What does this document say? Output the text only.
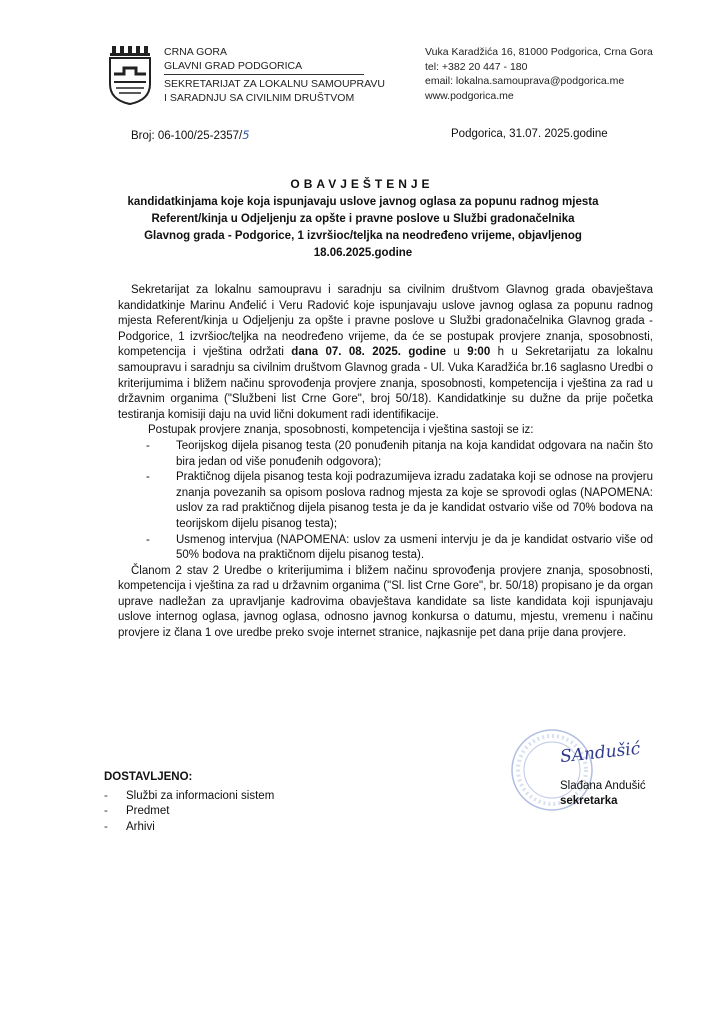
CRNA GORA
GLAVNI GRAD PODGORICA
SEKRETARIJAT ZA LOKALNU SAMOUPRAVU
I SARADNJU SA CIVILNIM DRUŠTVOM
Vuka Karadžića 16, 81000 Podgorica, Crna Gora
tel: +382 20 447 - 180
email: lokalna.samouprava@podgorica.me
www.podgorica.me
Broj: 06-100/25-2357/5	Podgorica, 31.07. 2025.godine
OBAVJEŠTENJE
kandidatkinjama koje koja ispunjavaju uslove javnog oglasa za popunu radnog mjesta
Referent/kinja u Odjeljenju za opšte i pravne poslove u Službi gradonačelnika
Glavnog grada - Podgorice, 1 izvršioc/teljka na neodređeno vrijeme, objavljenog
18.06.2025.godine

Sekretarijat za lokalnu samoupravu i saradnju sa civilnim društvom Glavnog grada obavještava kandidatkinje Marinu Anđelić i Veru Radović koje ispunjavaju uslove javnog oglasa za popunu radnog mjesta Referent/kinja u Odjeljenju za opšte i pravne poslove u Službi gradonačelnika Glavnog grada - Podgorice, 1 izvršioc/teljka na neodređeno vrijeme, da će se postupak provjere znanja, sposobnosti, kompetencija i vještina održati dana 07. 08. 2025. godine u 9:00 h u Sekretarijatu za lokalnu samoupravu i saradnju sa civilnim društvom Glavnog grada - Ul. Vuka Karadžića br.16 saglasno Uredbi o kriterijumima i bližem načinu sprovođenja provjere znanja, sposobnosti, kompetencija i vještina za rad u državnim organima ("Službeni list Crne Gore", broj 50/18). Kandidatkinje su dužne da prije početka testiranja komisiji daju na uvid lični dokument radi identifikacije.

Postupak provjere znanja, sposobnosti, kompetencija i vještina sastoji se iz:

- Teorijskog dijela pisanog testa (20 ponuđenih pitanja na koja kandidat odgovara na način što bira jedan od više ponuđenih odgovora);
- Praktičnog dijela pisanog testa koji podrazumijeva izradu zadataka koji se odnose na provjeru znanja povezanih sa opisom poslova radnog mjesta za koje se sprovodi oglas (NAPOMENA: uslov za rad praktičnog dijela pisanog testa je da je kandidat ostvario više od 70% bodova na teorijskom dijelu pisanog testa);
- Usmenog intervjua (NAPOMENA: uslov za usmeni intervju je da je kandidat ostvario više od 50% bodova na praktičnom dijelu pisanog testa).

Članom 2 stav 2 Uredbe o kriterijumima i bližem načinu sprovođenja provjere znanja, sposobnosti, kompetencija i vještina za rad u državnim organima ("Sl. list Crne Gore", br. 50/18) propisano je da organ uprave nadležan za upravljanje kadrovima obavještava kandidate sa liste kandidata koji ispunjavaju uslove internog oglasa, javnog oglasa, odnosno javnog konkursa o datumu, mjestu, vremenu i načinu provjere iz člana 1 ove uredbe preko svoje internet stranice, najkasnije pet dana prije dana provjere.

SAndušić
Slađana Andušić
sekretarka
DOSTAVLJENO:
-	Službi za informacioni sistem
-	Predmet
-	Arhivi
